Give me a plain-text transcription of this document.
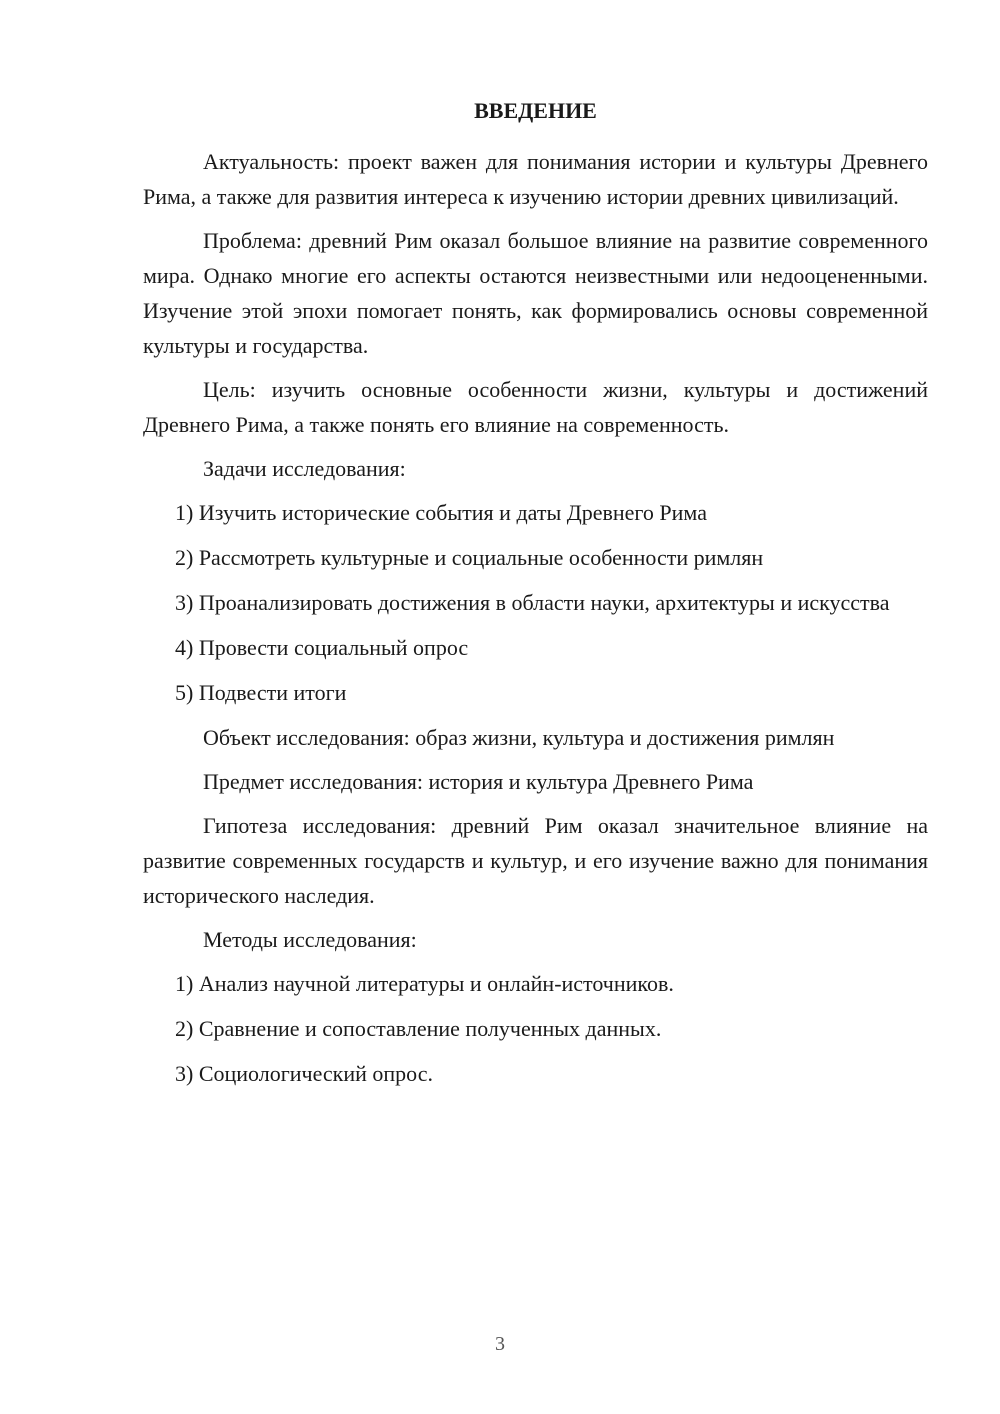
ВВЕДЕНИЕ

Актуальность: проект важен для понимания истории и культуры Древнего Рима, а также для развития интереса к изучению истории древних цивилизаций.

Проблема: древний Рим оказал большое влияние на развитие современного мира. Однако многие его аспекты остаются неизвестными или недооцененными. Изучение этой эпохи помогает понять, как формировались основы современной культуры и государства.

Цель: изучить основные особенности жизни, культуры и достижений Древнего Рима, а также понять его влияние на современность.

Задачи исследования:

1) Изучить исторические события и даты Древнего Рима

2) Рассмотреть культурные и социальные особенности римлян

3) Проанализировать достижения в области науки, архитектуры и искусства

4) Провести социальный опрос

5) Подвести итоги

Объект исследования: образ жизни, культура и достижения римлян

Предмет исследования: история и культура Древнего Рима

Гипотеза исследования: древний Рим оказал значительное влияние на развитие современных государств и культур, и его изучение важно для понимания исторического наследия.

Методы исследования:

1) Анализ научной литературы и онлайн-источников.

2) Сравнение и сопоставление полученных данных.

3) Социологический опрос.

3
